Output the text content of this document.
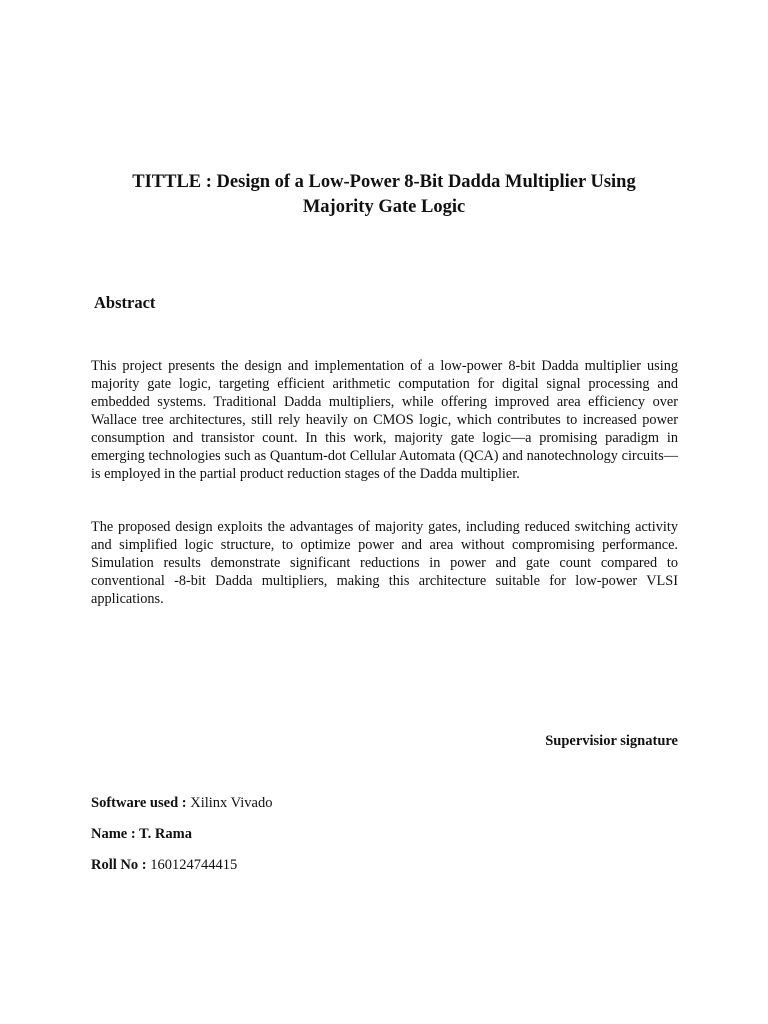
TITTLE : Design of a Low-Power 8-Bit Dadda Multiplier Using
Majority Gate Logic
Abstract
This project presents the design and implementation of a low-power 8-bit Dadda multiplier using majority gate logic, targeting efficient arithmetic computation for digital signal processing and embedded systems. Traditional Dadda multipliers, while offering improved area efficiency over Wallace tree architectures, still rely heavily on CMOS logic, which contributes to increased power consumption and transistor count. In this work, majority gate logic—a promising paradigm in emerging technologies such as Quantum-dot Cellular Automata (QCA) and nanotechnology circuits—is employed in the partial product reduction stages of the Dadda multiplier.
The proposed design exploits the advantages of majority gates, including reduced switching activity and simplified logic structure, to optimize power and area without compromising performance. Simulation results demonstrate significant reductions in power and gate count compared to conventional -8-bit Dadda multipliers, making this architecture suitable for low-power VLSI applications.
Supervisior signature
Software used : Xilinx Vivado
Name : T. Rama
Roll No : 160124744415
